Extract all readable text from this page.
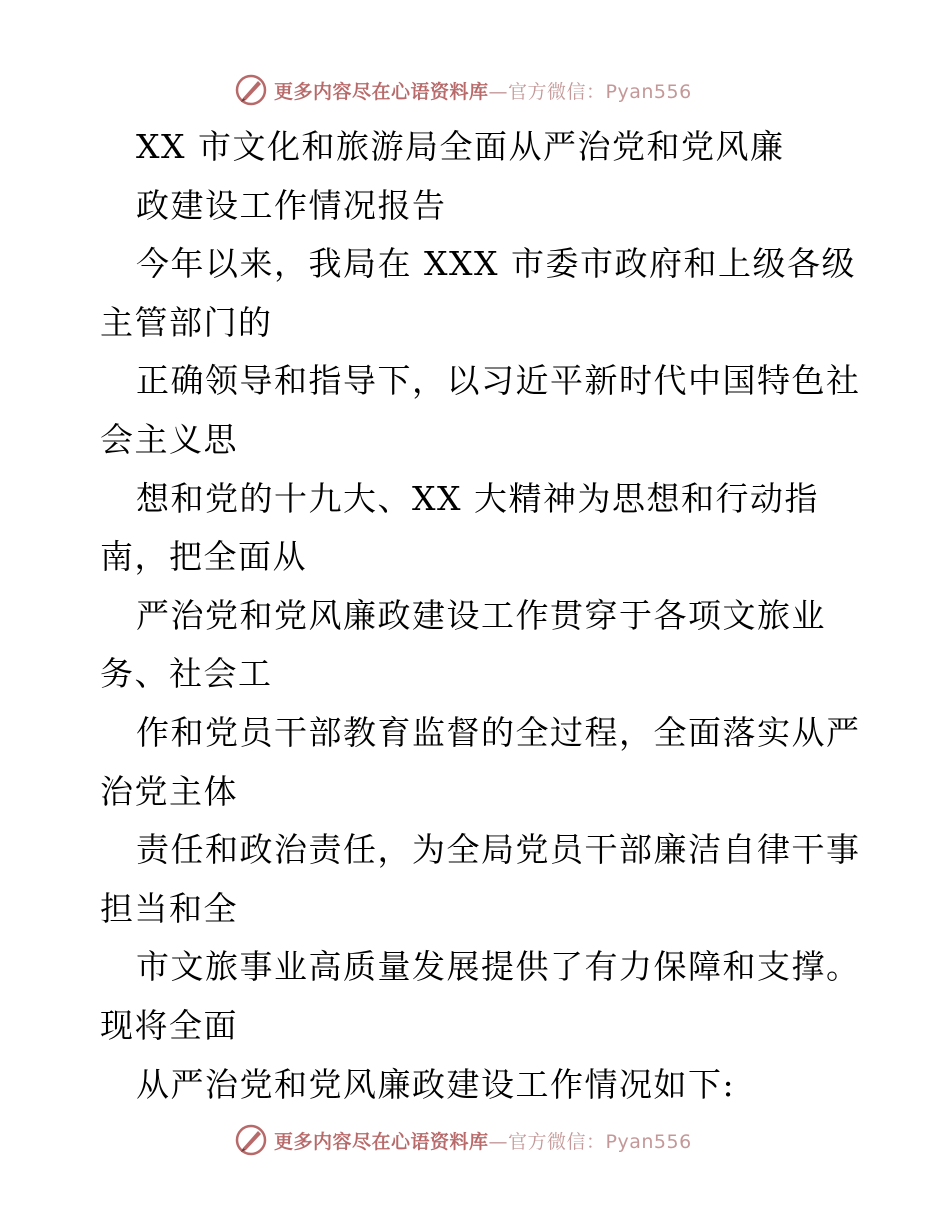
更多内容尽在心语资料库—官方微信：Pyan556
XX 市文化和旅游局全面从严治党和党风廉
政建设工作情况报告
今年以来，我局在 XXX 市委市政府和上级各级
主管部门的
正确领导和指导下，以习近平新时代中国特色社
会主义思
想和党的十九大、XX 大精神为思想和行动指
南，把全面从
严治党和党风廉政建设工作贯穿于各项文旅业
务、社会工
作和党员干部教育监督的全过程，全面落实从严
治党主体
责任和政治责任，为全局党员干部廉洁自律干事
担当和全
市文旅事业高质量发展提供了有力保障和支撑。
现将全面
从严治党和党风廉政建设工作情况如下:
更多内容尽在心语资料库—官方微信：Pyan556
